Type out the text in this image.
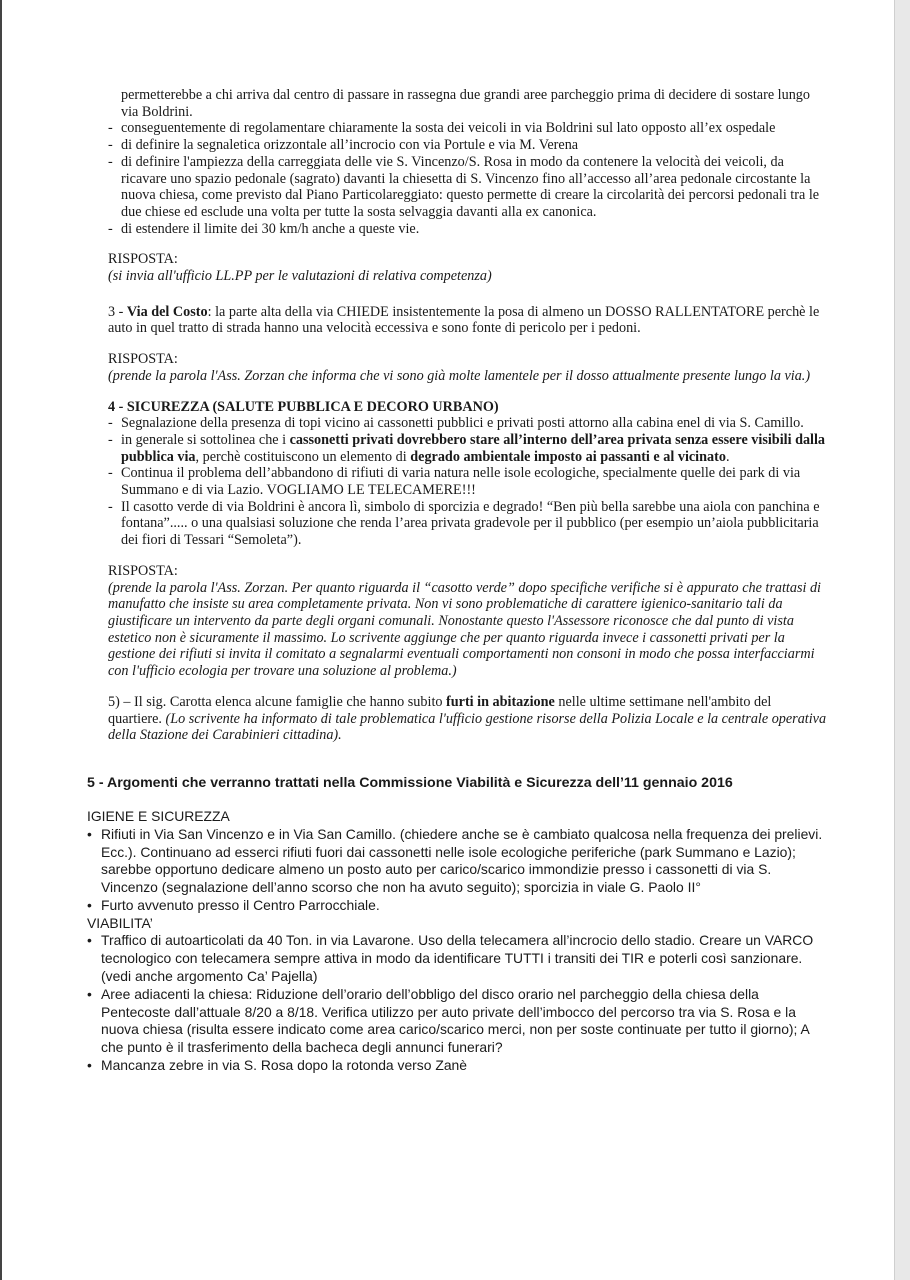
permetterebbe a chi arriva dal centro di passare in rassegna due grandi aree parcheggio prima di decidere di sostare lungo via Boldrini.
- conseguentemente di regolamentare chiaramente la sosta dei veicoli in via Boldrini sul lato opposto all’ex ospedale
- di definire la segnaletica orizzontale all’incrocio con via Portule e via M. Verena
- di definire l'ampiezza della carreggiata delle vie S. Vincenzo/S. Rosa in modo da contenere la velocità dei veicoli, da ricavare uno spazio pedonale (sagrato) davanti la chiesetta di S. Vincenzo fino all’accesso all’area pedonale circostante la nuova chiesa, come previsto dal Piano Particolareggiato: questo permette di creare la circolarità dei percorsi pedonali tra le due chiese ed esclude una volta per tutte la sosta selvaggia davanti alla ex canonica.
- di estendere il limite dei 30 km/h anche a queste vie.

RISPOSTA:

(si invia all'ufficio LL.PP per le valutazioni di relativa competenza)

3 - Via del Costo: la parte alta della via CHIEDE insistentemente la posa di almeno un DOSSO RALLENTATORE perchè le auto in quel tratto di strada hanno una velocità eccessiva e sono fonte di pericolo per i pedoni.

RISPOSTA:

(prende la parola l'Ass. Zorzan che informa che vi sono già molte lamentele per il dosso attualmente presente lungo la via.)

4 - SICUREZZA (SALUTE PUBBLICA E DECORO URBANO)

- Segnalazione della presenza di topi vicino ai cassonetti pubblici e privati posti attorno alla cabina enel di via S. Camillo.
- in generale si sottolinea che i cassonetti privati dovrebbero stare all’interno dell’area privata senza essere visibili dalla pubblica via, perchè costituiscono un elemento di degrado ambientale imposto ai passanti e al vicinato.
- Continua il problema dell’abbandono di rifiuti di varia natura nelle isole ecologiche, specialmente quelle dei park di via Summano e di via Lazio. VOGLIAMO LE TELECAMERE!!!
- Il casotto verde di via Boldrini è ancora lì, simbolo di sporcizia e degrado! “Ben più bella sarebbe una aiola con panchina e fontana”..... o una qualsiasi soluzione che renda l’area privata gradevole per il pubblico (per esempio un’aiola pubblicitaria dei fiori di Tessari “Semoleta”).

RISPOSTA:

(prende la parola l'Ass. Zorzan. Per quanto riguarda il “casotto verde” dopo specifiche verifiche si è appurato che trattasi di manufatto che insiste su area completamente privata. Non vi sono problematiche di carattere igienico-sanitario tali da giustificare un intervento da parte degli organi comunali. Nonostante questo l'Assessore riconosce che dal punto di vista estetico non è sicuramente il massimo. Lo scrivente aggiunge che per quanto riguarda invece i cassonetti privati per la gestione dei rifiuti si invita il comitato a segnalarmi eventuali comportamenti non consoni in modo che possa interfacciarmi con l'ufficio ecologia per trovare una soluzione al problema.)

5) – Il sig. Carotta elenca alcune famiglie che hanno subito furti in abitazione nelle ultime settimane nell'ambito del quartiere. (Lo scrivente ha informato di tale problematica l'ufficio gestione risorse della Polizia Locale e la centrale operativa della Stazione dei Carabinieri cittadina).

5 - Argomenti che verranno trattati nella Commissione Viabilità e Sicurezza dell’11 gennaio 2016

IGIENE E SICUREZZA

• Rifiuti in Via San Vincenzo e in Via San Camillo. (chiedere anche se è cambiato qualcosa nella frequenza dei prelievi. Ecc.). Continuano ad esserci rifiuti fuori dai cassonetti nelle isole ecologiche periferiche (park Summano e Lazio); sarebbe opportuno dedicare almeno un posto auto per carico/scarico immondizie presso i cassonetti di via S. Vincenzo (segnalazione dell’anno scorso che non ha avuto seguito); sporcizia in viale G. Paolo II°
• Furto avvenuto presso il Centro Parrocchiale.

VIABILITA’

• Traffico di autoarticolati da 40 Ton. in via Lavarone. Uso della telecamera all’incrocio dello stadio. Creare un VARCO tecnologico con telecamera sempre attiva in modo da identificare TUTTI i transiti dei TIR e poterli così sanzionare.(vedi anche argomento Ca’ Pajella)
• Aree adiacenti la chiesa: Riduzione dell’orario dell’obbligo del disco orario nel parcheggio della chiesa della Pentecoste dall’attuale 8/20 a 8/18. Verifica utilizzo per auto private dell’imbocco del percorso tra via S. Rosa e la nuova chiesa (risulta essere indicato come area carico/scarico merci, non per soste continuate per tutto il giorno); A che punto è il trasferimento della bacheca degli annunci funerari?
• Mancanza zebre in via S. Rosa dopo la rotonda verso Zanè
